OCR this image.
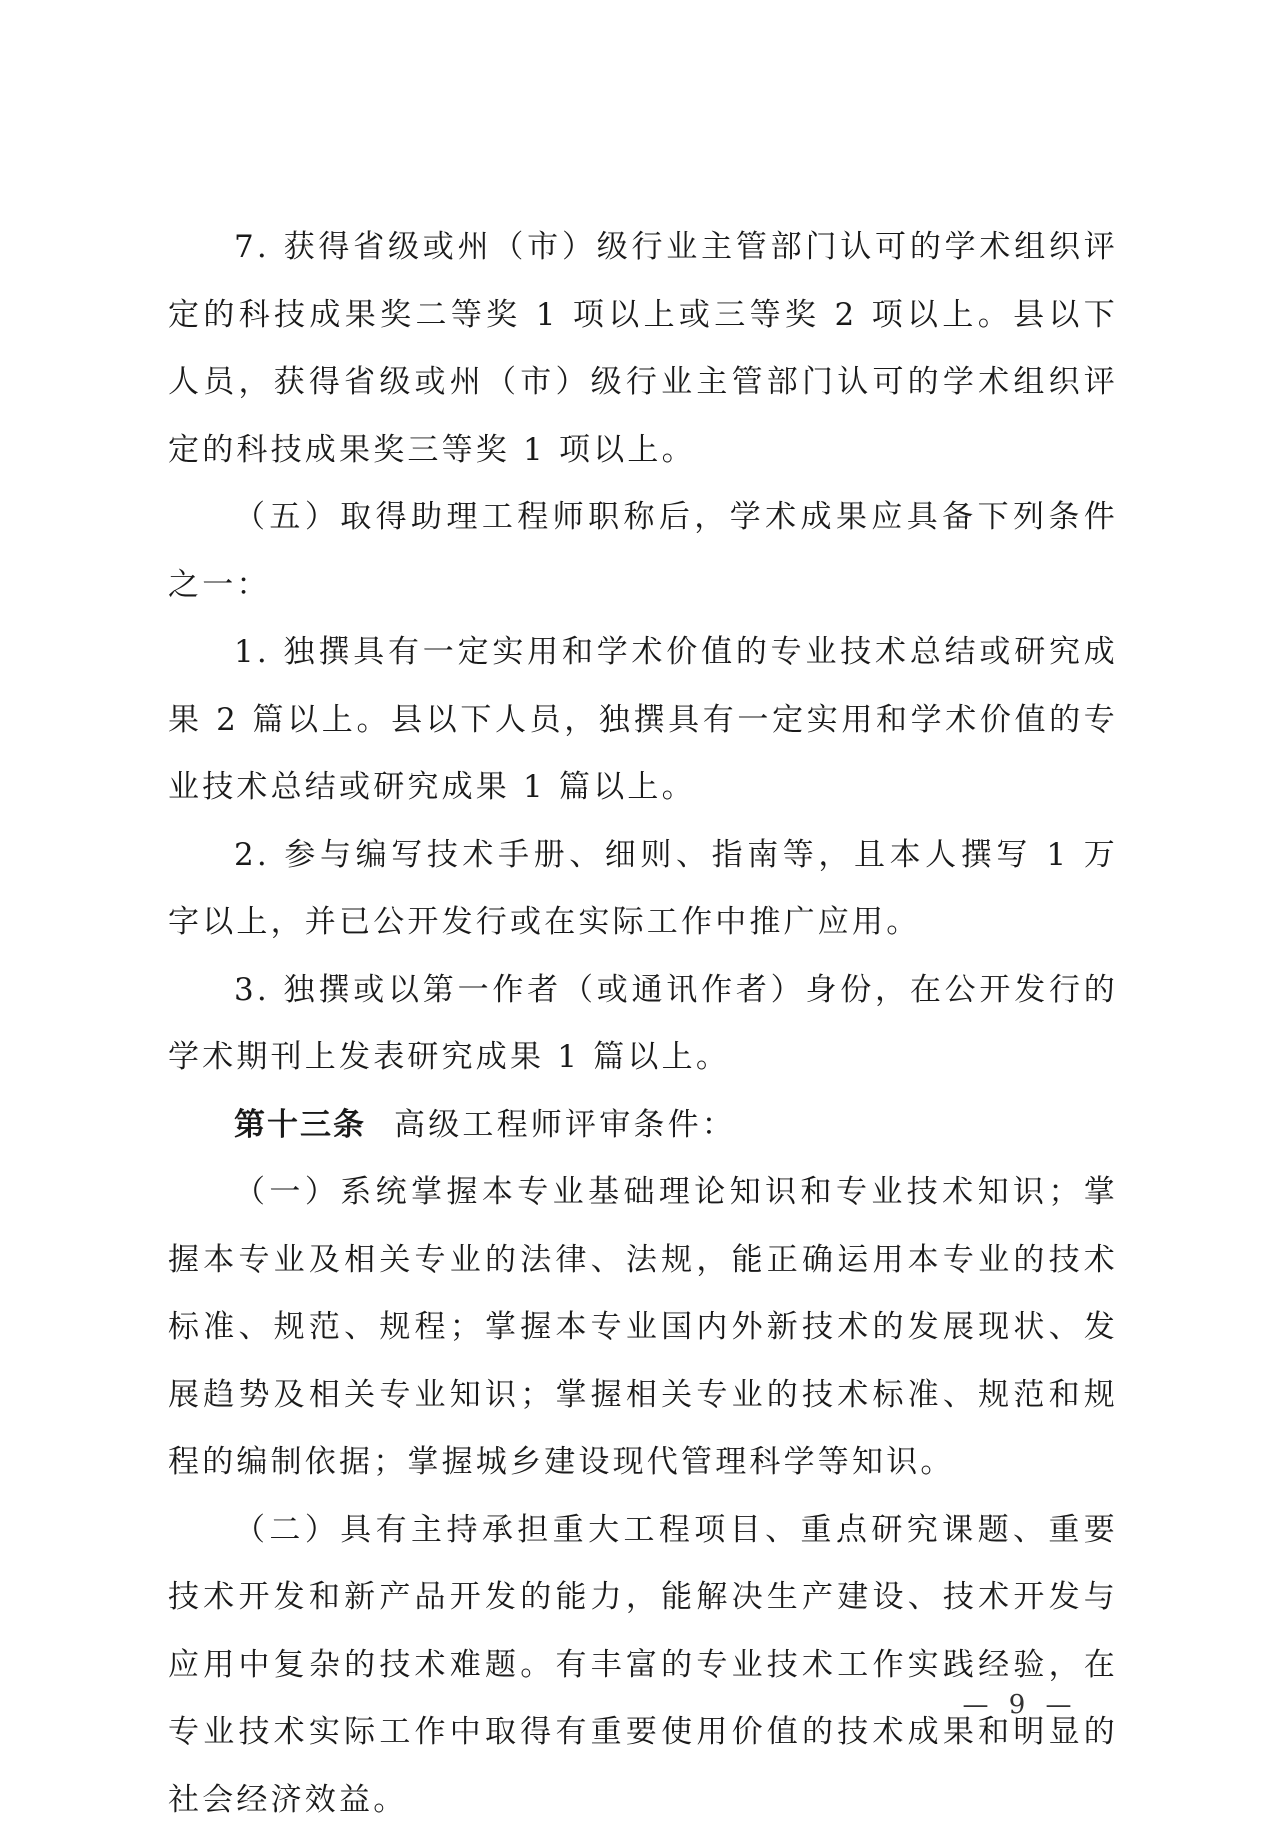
7. 获得省级或州（市）级行业主管部门认可的学术组织评定的科技成果奖二等奖 1 项以上或三等奖 2 项以上。县以下人员，获得省级或州（市）级行业主管部门认可的学术组织评定的科技成果奖三等奖 1 项以上。

（五）取得助理工程师职称后，学术成果应具备下列条件之一：

1. 独撰具有一定实用和学术价值的专业技术总结或研究成果 2 篇以上。县以下人员，独撰具有一定实用和学术价值的专业技术总结或研究成果 1 篇以上。

2. 参与编写技术手册、细则、指南等，且本人撰写 1 万字以上，并已公开发行或在实际工作中推广应用。

3. 独撰或以第一作者（或通讯作者）身份，在公开发行的学术期刊上发表研究成果 1 篇以上。

第十三条 高级工程师评审条件：

（一）系统掌握本专业基础理论知识和专业技术知识；掌握本专业及相关专业的法律、法规，能正确运用本专业的技术标准、规范、规程；掌握本专业国内外新技术的发展现状、发展趋势及相关专业知识；掌握相关专业的技术标准、规范和规程的编制依据；掌握城乡建设现代管理科学等知识。

（二）具有主持承担重大工程项目、重点研究课题、重要技术开发和新产品开发的能力，能解决生产建设、技术开发与应用中复杂的技术难题。有丰富的专业技术工作实践经验，在专业技术实际工作中取得有重要使用价值的技术成果和明显的社会经济效益。

— 9 —
